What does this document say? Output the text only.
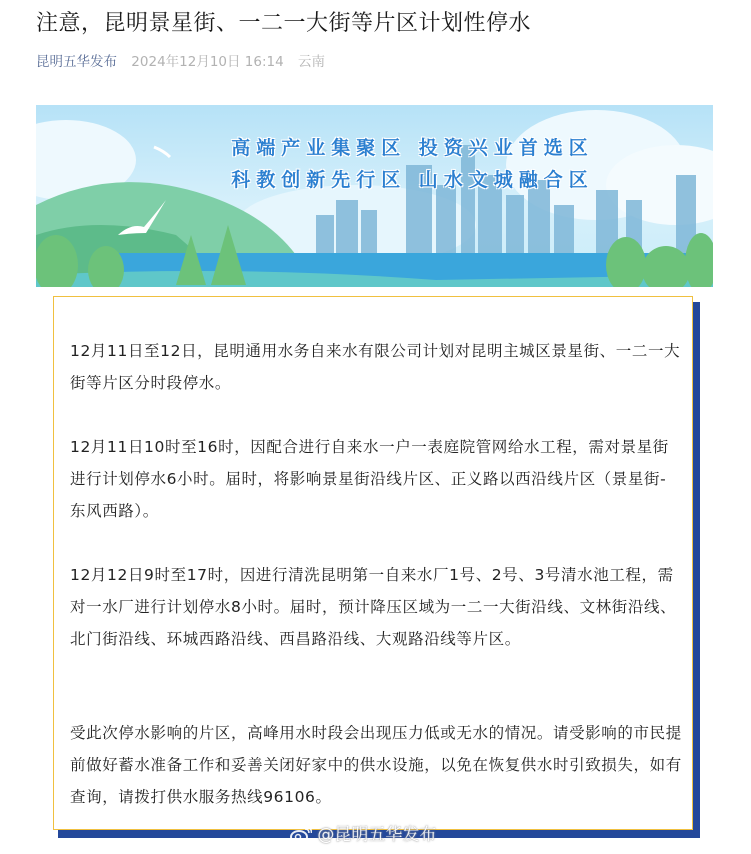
注意，昆明景星街、一二一大街等片区计划性停水
昆明五华发布 2024年12月10日 16:14 云南
高端产业集聚区 投资兴业首选区
科教创新先行区 山水文城融合区

12月11日至12日，昆明通用水务自来水有限公司计划对昆明主城区景星街、一二一大街等片区分时段停水。

12月11日10时至16时，因配合进行自来水一户一表庭院管网给水工程，需对景星街进行计划停水6小时。届时，将影响景星街沿线片区、正义路以西沿线片区（景星街-东风西路）。

12月12日9时至17时，因进行清洗昆明第一自来水厂1号、2号、3号清水池工程，需对一水厂进行计划停水8小时。届时，预计降压区域为一二一大街沿线、文林街沿线、北门街沿线、环城西路沿线、西昌路沿线、大观路沿线等片区。

受此次停水影响的片区，高峰用水时段会出现压力低或无水的情况。请受影响的市民提前做好蓄水准备工作和妥善关闭好家中的供水设施，以免在恢复供水时引致损失，如有查询，请拨打供水服务热线96106。

@昆明五华发布
